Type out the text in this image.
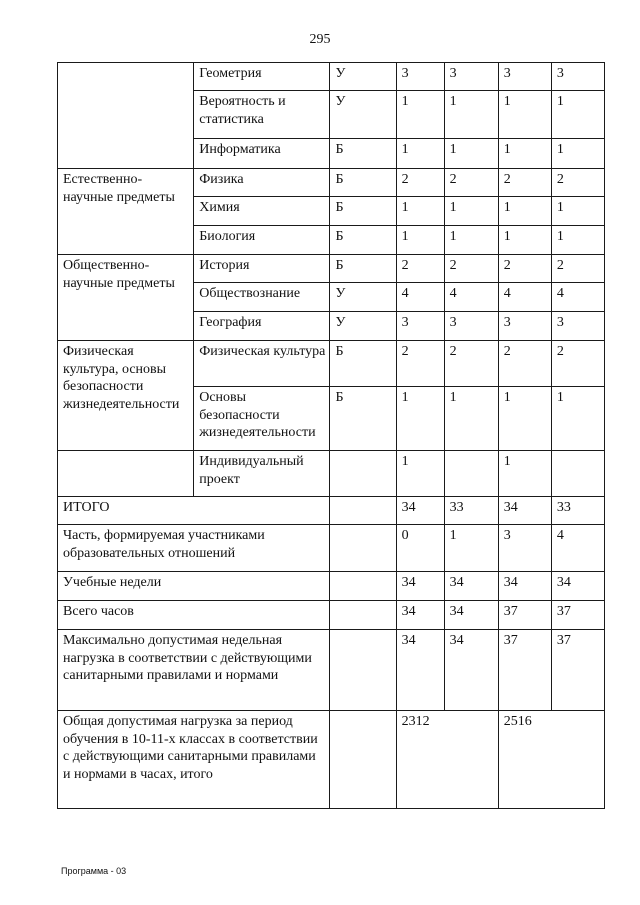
295
	Геометрия	У	3	3	3	3
	Вероятность и статистика	У	1	1	1	1
	Информатика	Б	1	1	1	1
Естественно-научные предметы	Физика	Б	2	2	2	2
	Химия	Б	1	1	1	1
	Биология	Б	1	1	1	1
Общественно-научные предметы	История	Б	2	2	2	2
	Обществознание	У	4	4	4	4
	География	У	3	3	3	3
Физическая культура, основы безопасности жизнедеятельности	Физическая культура	Б	2	2	2	2
	Основы безопасности жизнедеятельности	Б	1	1	1	1
	Индивидуальный проект		1		1	
ИТОГО			34	33	34	33
Часть, формируемая участниками образовательных отношений			0	1	3	4
Учебные недели			34	34	34	34
Всего часов			34	34	37	37
Максимально допустимая недельная нагрузка в соответствии с действующими санитарными правилами и нормами			34	34	37	37
Общая допустимая нагрузка за период обучения в 10-11-х классах в соответствии с действующими санитарными правилами и нормами в часах, итого			2312		2516	
Программа - 03
